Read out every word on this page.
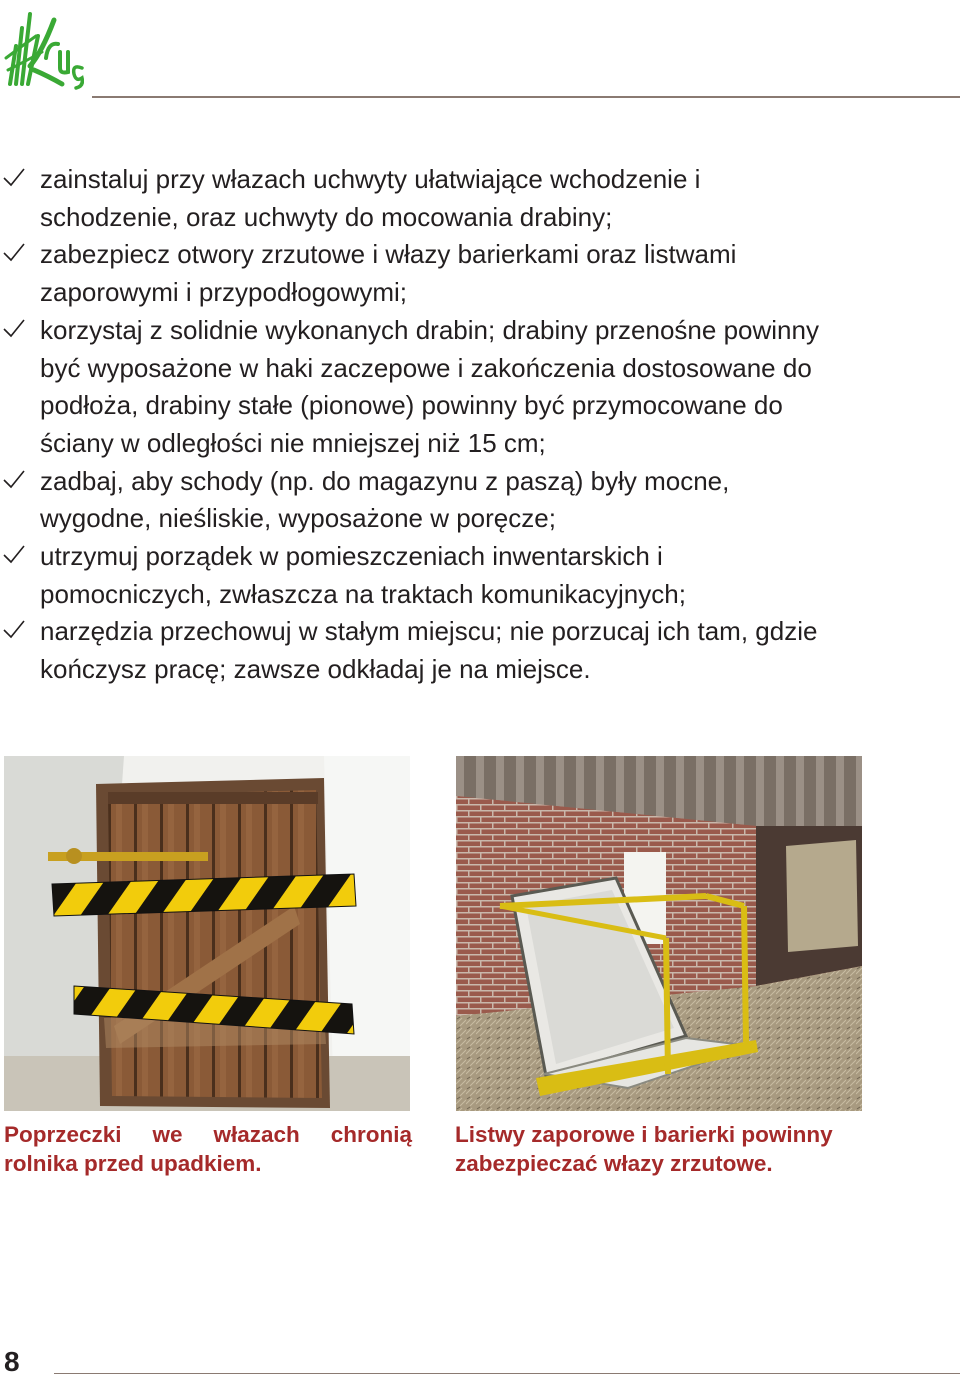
zainstaluj przy włazach uchwyty ułatwiające wchodzenie i schodzenie, oraz uchwyty do mocowania drabiny;
zabezpiecz otwory zrzutowe i włazy barierkami oraz listwami zaporowymi i przypodłogowymi;
korzystaj z solidnie wykonanych drabin; drabiny przenośne powinny być wyposażone w haki zaczepowe i zakończenia dostosowane do podłoża, drabiny stałe (pionowe) powinny być przymocowane do ściany w odległości nie mniejszej niż 15 cm;
zadbaj, aby schody (np. do magazynu z paszą) były mocne, wygodne, nieśliskie, wyposażone w poręcze;
utrzymuj porządek w pomieszczeniach inwentarskich i pomocniczych, zwłaszcza na traktach komunikacyjnych;
narzędzia przechowuj w stałym miejscu; nie porzucaj ich tam, gdzie kończysz pracę; zawsze odkładaj je na miejsce.

Poprzeczki we włazach chronią rolnika przed upadkiem.

Listwy zaporowe i barierki powinny zabezpieczać włazy zrzutowe.

8
